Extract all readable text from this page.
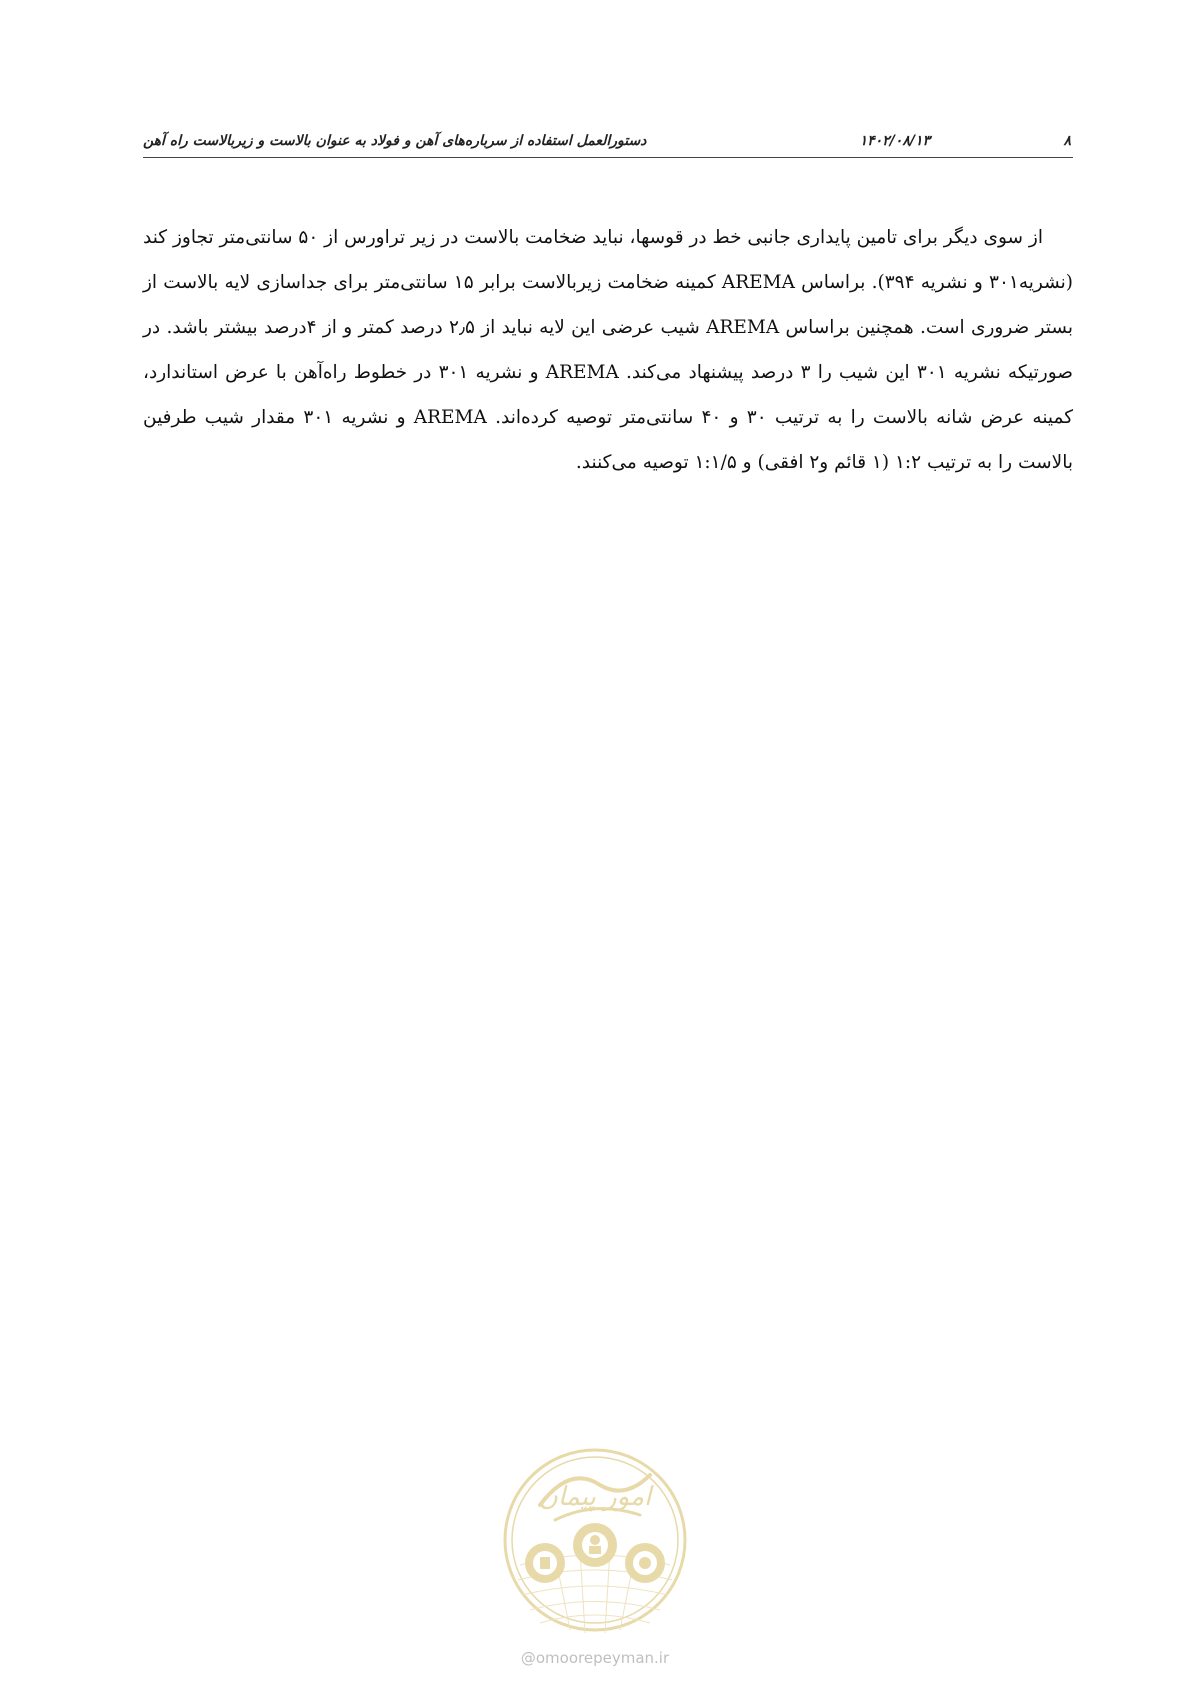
۸
۱۴۰۲/۰۸/۱۳
دستورالعمل استفاده از سرباره‌های آهن و فولاد به عنوان بالاست و زیربالاست راه آهن

از سوی دیگر برای تامین پایداری جانبی خط در قوسها، نباید ضخامت بالاست در زیر تراورس از ۵۰ سانتی‌متر تجاوز کند (نشریه۳۰۱ و نشریه ۳۹۴). براساس AREMA کمینه ضخامت زیربالاست برابر ۱۵ سانتی‌متر برای جداسازی لایه بالاست از بستر ضروری است. همچنین براساس AREMA شیب عرضی این لایه نباید از ۲٫۵ درصد کمتر و از ۴درصد بیشتر باشد. در صورتیکه نشریه ۳۰۱ این شیب را ۳ درصد پیشنهاد می‌کند. AREMA و نشریه ۳۰۱ در خطوط راه‌آهن با عرض استاندارد، کمینه عرض شانه بالاست را به ترتیب ۳۰ و ۴۰ سانتی‌متر توصیه کرده‌اند. AREMA و نشریه ۳۰۱ مقدار شیب طرفین بالاست را به ترتیب ۱:۲ (۱ قائم و۲ افقی) و ۱:۱/۵ توصیه می‌کنند.

امور پیمان
@omoorepeyman.ir
